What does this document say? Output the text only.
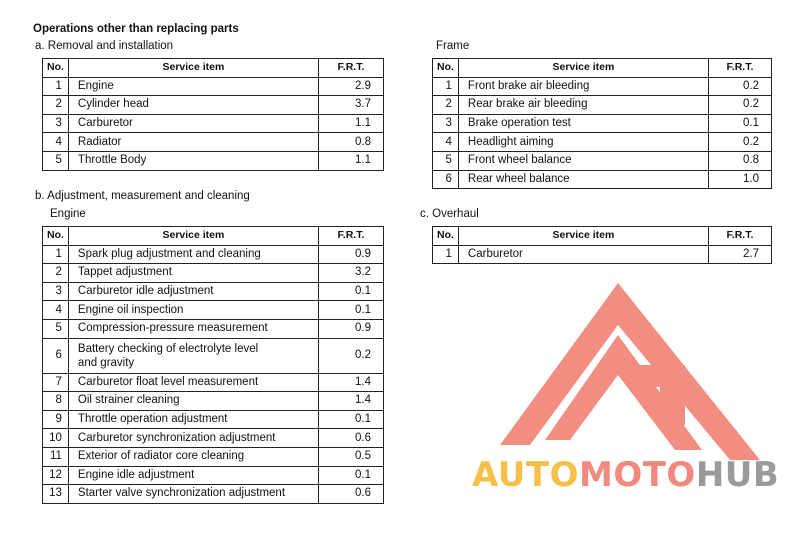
Operations other than replacing parts
a. Removal and installation
No.	Service item	F.R.T.
1	Engine	2.9
2	Cylinder head	3.7
3	Carburetor	1.1
4	Radiator	0.8
5	Throttle Body	1.1
Frame
No.	Service item	F.R.T.
1	Front brake air bleeding	0.2
2	Rear brake air bleeding	0.2
3	Brake operation test	0.1
4	Headlight aiming	0.2
5	Front wheel balance	0.8
6	Rear wheel balance	1.0
b. Adjustment, measurement and cleaning
Engine
No.	Service item	F.R.T.
1	Spark plug adjustment and cleaning	0.9
2	Tappet adjustment	3.2
3	Carburetor idle adjustment	0.1
4	Engine oil inspection	0.1
5	Compression-pressure measurement	0.9
6	Battery checking of electrolyte level
and gravity	0.2
7	Carburetor float level measurement	1.4
8	Oil strainer cleaning	1.4
9	Throttle operation adjustment	0.1
10	Carburetor synchronization adjustment	0.6
11	Exterior of radiator core cleaning	0.5
12	Engine idle adjustment	0.1
13	Starter valve synchronization adjustment	0.6
c. Overhaul
No.	Service item	F.R.T.
1	Carburetor	2.7
AUTOMOTOHUB
